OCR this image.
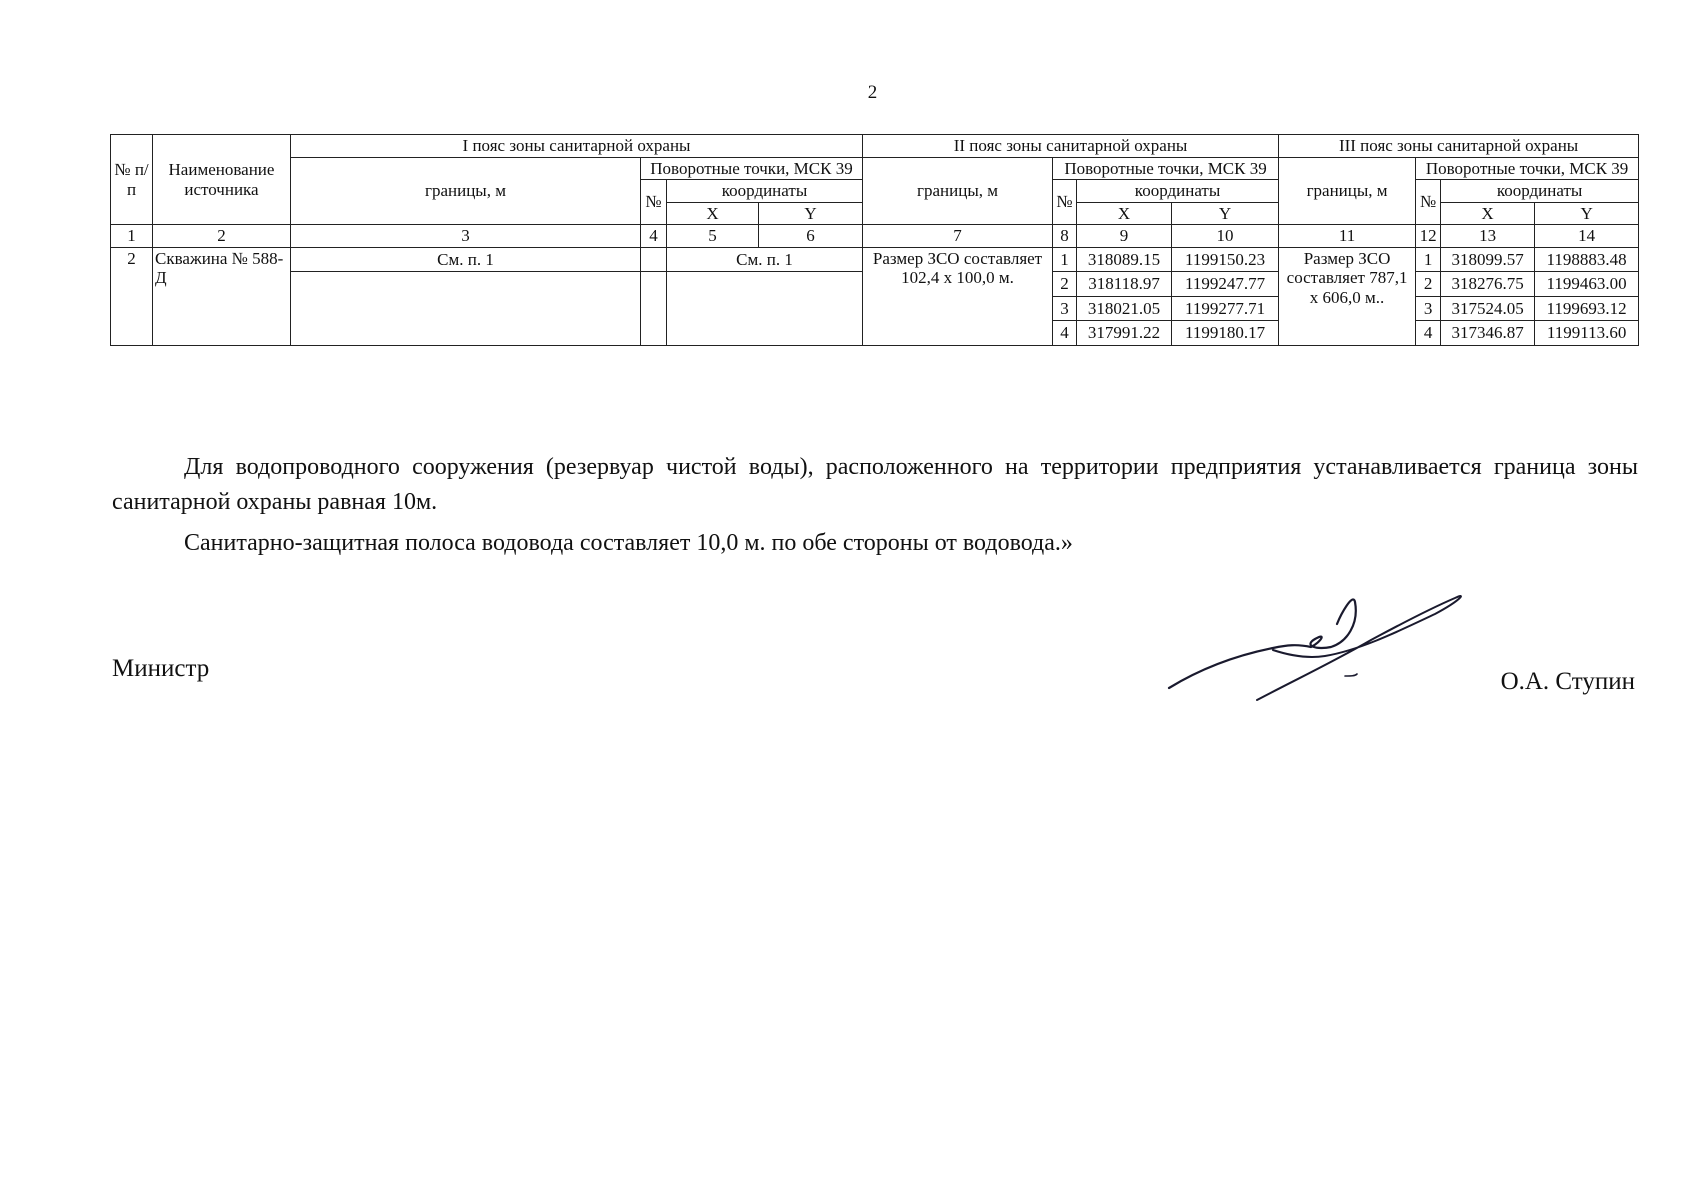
2
№ п/п	Наименование источника	I пояс зоны санитарной охраны				II пояс зоны санитарной охраны				III пояс зоны санитарной охраны			
		границы, м	Поворотные точки, МСК 39			границы, м	Поворотные точки, МСК 39			границы, м	Поворотные точки, МСК 39		
			№	координаты			№	координаты			№	координаты	
				X	Y			X	Y			X	Y
1	2	3	4	5	6	7	8	9	10	11	12	13	14
2	Скважина № 588-Д	См. п. 1		См. п. 1		Размер ЗСО составляет 102,4 х 100,0 м.	1	318089.15	1199150.23	Размер ЗСО составляет 787,1 х 606,0 м..	1	318099.57	1198883.48
							2	318118.97	1199247.77		2	318276.75	1199463.00
							3	318021.05	1199277.71		3	317524.05	1199693.12
							4	317991.22	1199180.17		4	317346.87	1199113.60
Для водопроводного сооружения (резервуар чистой воды), расположенного на территории предприятия устанавливается граница зоны санитарной охраны равная 10м.
Санитарно-защитная полоса водовода составляет 10,0 м. по обе стороны от водовода.»
Министр	О.А. Ступин
